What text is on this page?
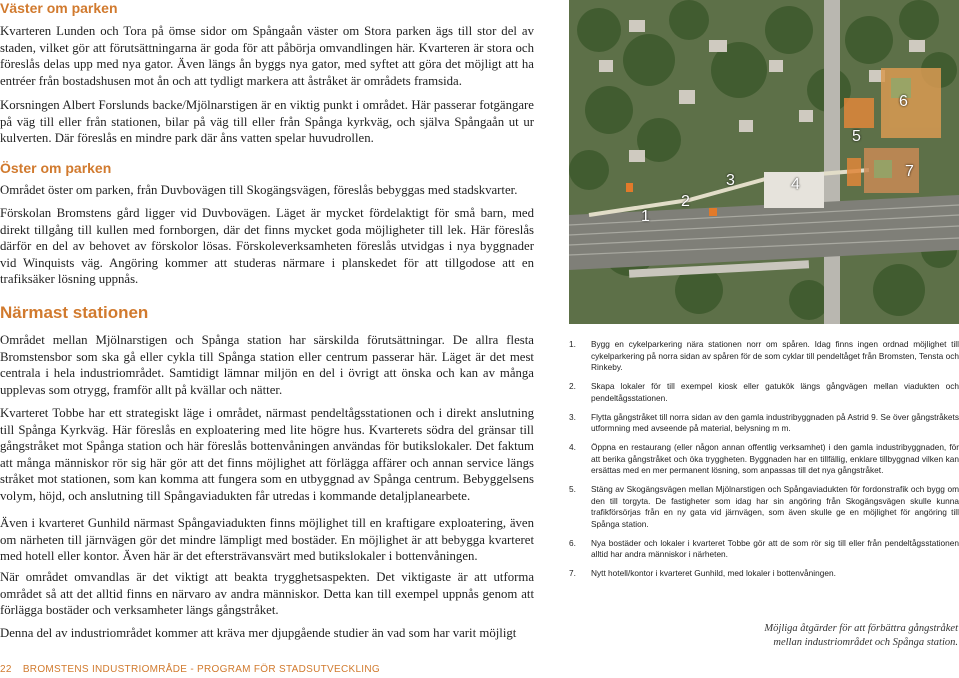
Väster om parken

Kvarteren Lunden och Tora på ömse sidor om Spångaån väster om Stora parken ägs till stor del av staden, vilket gör att förutsättningarna är goda för att påbörja omvandlingen här. Kvarteren är stora och föreslås delas upp med nya gator. Även längs ån byggs nya gator, med syftet att göra det möjligt att ha entréer från bostadshusen mot ån och att tydligt markera att åstråket är områdets framsida.

Korsningen Albert Forslunds backe/Mjölnarstigen är en viktig punkt i området. Här passerar fotgängare på väg till eller från stationen, bilar på väg till eller från Spånga kyrkväg, och själva Spångaån ut ur kulverten. Där föreslås en mindre park där åns vatten spelar huvudrollen.

Öster om parken

Området öster om parken, från Duvbovägen till Skogängsvägen, föreslås bebyggas med stadskvarter.

Förskolan Bromstens gård ligger vid Duvbovägen. Läget är mycket fördelaktigt för små barn, med direkt tillgång till kullen med fornborgen, där det finns mycket goda möjligheter till lek. Här föreslås därför en del av behovet av förskolor lösas. Förskoleverksamheten föreslås utvidgas i nya byggnader vid Winquists väg. Angöring kommer att studeras närmare i planskedet för att tillgodose att en trafiksäker lösning uppnås.

Närmast stationen

Området mellan Mjölnarstigen och Spånga station har särskilda förutsättningar. De allra flesta Bromstensbor som ska gå eller cykla till Spånga station eller centrum passerar här. Läget är det mest centrala i hela industriområdet. Samtidigt lämnar miljön en del i övrigt att önska och kan av många upplevas som otrygg, framför allt på kvällar och nätter.

Kvarteret Tobbe har ett strategiskt läge i området, närmast pendeltågsstationen och i direkt anslutning till Spånga Kyrkväg. Här föreslås en exploatering med lite högre hus. Kvarterets södra del gränsar till gångstråket mot Spånga station och här föreslås bottenvåningen användas för butikslokaler. Det faktum att många människor rör sig här gör att det finns möjlighet att förlägga affärer och annan service längs stråket mot stationen, som kan komma att fungera som en utbyggnad av Spånga centrum. Bebyggelsens volym, höjd, och anslutning till Spångaviadukten får utredas i kommande detaljplanearbete.

Även i kvarteret Gunhild närmast Spångaviadukten finns möjlighet till en kraftigare exploatering, även om närheten till järnvägen gör det mindre lämpligt med bostäder. En möjlighet är att bebygga kvarteret med hotell eller kontor. Även här är det eftersträvansvärt med butikslokaler i bottenvåningen.

När området omvandlas är det viktigt att beakta trygghetsaspekten. Det viktigaste är att utforma området så att det alltid finns en närvaro av andra människor. Detta kan till exempel uppnås genom att förlägga bostäder och verksamheter längs gångstråket.

Denna del av industriområdet kommer att kräva mer djupgående studier än vad som har varit möjligt

1
2
3	4
5
6
7
1.	Bygg en cykelparkering nära stationen norr om spåren. Idag finns ingen ordnad möjlighet till cykelparkering på norra sidan av spåren för de som cyklar till pendeltåget från Bromsten, Tensta och Rinkeby.
2.	Skapa lokaler för till exempel kiosk eller gatukök längs gångvägen mellan viadukten och pendeltågsstationen.
3.	Flytta gångstråket till norra sidan av den gamla industribyggnaden på Astrid 9. Se över gångstråkets utformning med avseende på material, belysning m m.
4.	Öppna en restaurang (eller någon annan offentlig verksamhet) i den gamla industribyggnaden, för att berika gångstråket och öka tryggheten. Byggnaden har en tillfällig, enklare tillbyggnad vilken kan ersättas med en mer permanent lösning, som anpassas till det nya gångstråket.
5.	Stäng av Skogängsvägen mellan Mjölnarstigen och Spångaviadukten för fordonstrafik och bygg om den till torgyta. De fastigheter som idag har sin angöring från Skogängsvägen skulle kunna trafikförsörjas från en ny gata vid järnvägen, som även skulle ge en möjlighet för angöring till Spånga station.
6.	Nya bostäder och lokaler i kvarteret Tobbe gör att de som rör sig till eller från pendeltågsstationen alltid har andra människor i närheten.
7.	Nytt hotell/kontor i kvarteret Gunhild, med lokaler i bottenvåningen.
Möjliga åtgärder för att förbättra gångstråket
mellan industriområdet och Spånga station.
22 BROMSTENS INDUSTRIOMRÅDE - PROGRAM FÖR STADSUTVECKLING
